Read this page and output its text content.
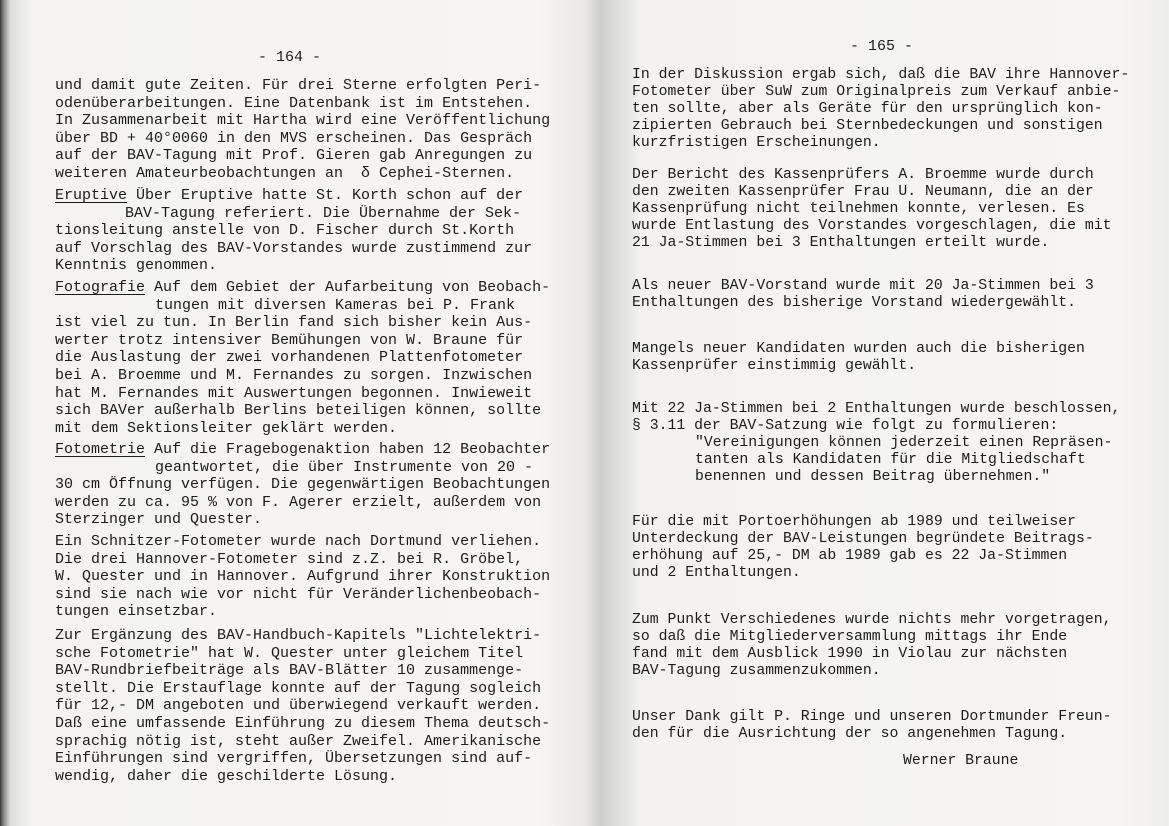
- 164 -
und damit gute Zeiten. Für drei Sterne erfolgten Peri-
odenüberarbeitungen. Eine Datenbank ist im Entstehen.
In Zusammenarbeit mit Hartha wird eine Veröffentlichung
über BD + 40°0060 in den MVS erscheinen. Das Gespräch
auf der BAV-Tagung mit Prof. Gieren gab Anregungen zu
weiteren Amateurbeobachtungen an  δ Cephei-Sternen.
Eruptive Über Eruptive hatte St. Korth schon auf der
BAV-Tagung referiert. Die Übernahme der Sek-
tionsleitung anstelle von D. Fischer durch St.Korth
auf Vorschlag des BAV-Vorstandes wurde zustimmend zur
Kenntnis genommen.
Fotografie Auf dem Gebiet der Aufarbeitung von Beobach-
tungen mit diversen Kameras bei P. Frank
ist viel zu tun. In Berlin fand sich bisher kein Aus-
werter trotz intensiver Bemühungen von W. Braune für
die Auslastung der zwei vorhandenen Plattenfotometer
bei A. Broemme und M. Fernandes zu sorgen. Inzwischen
hat M. Fernandes mit Auswertungen begonnen. Inwieweit
sich BAVer außerhalb Berlins beteiligen können, sollte
mit dem Sektionsleiter geklärt werden.
Fotometrie Auf die Fragebogenaktion haben 12 Beobachter
geantwortet, die über Instrumente von 20 -
30 cm Öffnung verfügen. Die gegenwärtigen Beobachtungen
werden zu ca. 95 % von F. Agerer erzielt, außerdem von
Sterzinger und Quester.
Ein Schnitzer-Fotometer wurde nach Dortmund verliehen.
Die drei Hannover-Fotometer sind z.Z. bei R. Gröbel,
W. Quester und in Hannover. Aufgrund ihrer Konstruktion
sind sie nach wie vor nicht für Veränderlichenbeobach-
tungen einsetzbar.
Zur Ergänzung des BAV-Handbuch-Kapitels "Lichtelektri-
sche Fotometrie" hat W. Quester unter gleichem Titel
BAV-Rundbriefbeiträge als BAV-Blätter 10 zusammenge-
stellt. Die Erstauflage konnte auf der Tagung sogleich
für 12,- DM angeboten und überwiegend verkauft werden.
Daß eine umfassende Einführung zu diesem Thema deutsch-
sprachig nötig ist, steht außer Zweifel. Amerikanische
Einführungen sind vergriffen, Übersetzungen sind auf-
wendig, daher die geschilderte Lösung.
- 165 -
Werner Braune
In der Diskussion ergab sich, daß die BAV ihre Hannover-
Fotometer über SuW zum Originalpreis zum Verkauf anbie-
ten sollte, aber als Geräte für den ursprünglich kon-
zipierten Gebrauch bei Sternbedeckungen und sonstigen
kurzfristigen Erscheinungen.
Der Bericht des Kassenprüfers A. Broemme wurde durch
den zweiten Kassenprüfer Frau U. Neumann, die an der
Kassenprüfung nicht teilnehmen konnte, verlesen. Es
wurde Entlastung des Vorstandes vorgeschlagen, die mit
21 Ja-Stimmen bei 3 Enthaltungen erteilt wurde.
Als neuer BAV-Vorstand wurde mit 20 Ja-Stimmen bei 3
Enthaltungen des bisherige Vorstand wiedergewählt.
Mangels neuer Kandidaten wurden auch die bisherigen
Kassenprüfer einstimmig gewählt.
Mit 22 Ja-Stimmen bei 2 Enthaltungen wurde beschlossen,
§ 3.11 der BAV-Satzung wie folgt zu formulieren:
"Vereinigungen können jederzeit einen Repräsen-
tanten als Kandidaten für die Mitgliedschaft
benennen und dessen Beitrag übernehmen."
Für die mit Portoerhöhungen ab 1989 und teilweiser
Unterdeckung der BAV-Leistungen begründete Beitrags-
erhöhung auf 25,- DM ab 1989 gab es 22 Ja-Stimmen
und 2 Enthaltungen.
Zum Punkt Verschiedenes wurde nichts mehr vorgetragen,
so daß die Mitgliederversammlung mittags ihr Ende
fand mit dem Ausblick 1990 in Violau zur nächsten
BAV-Tagung zusammenzukommen.
Unser Dank gilt P. Ringe und unseren Dortmunder Freun-
den für die Ausrichtung der so angenehmen Tagung.
